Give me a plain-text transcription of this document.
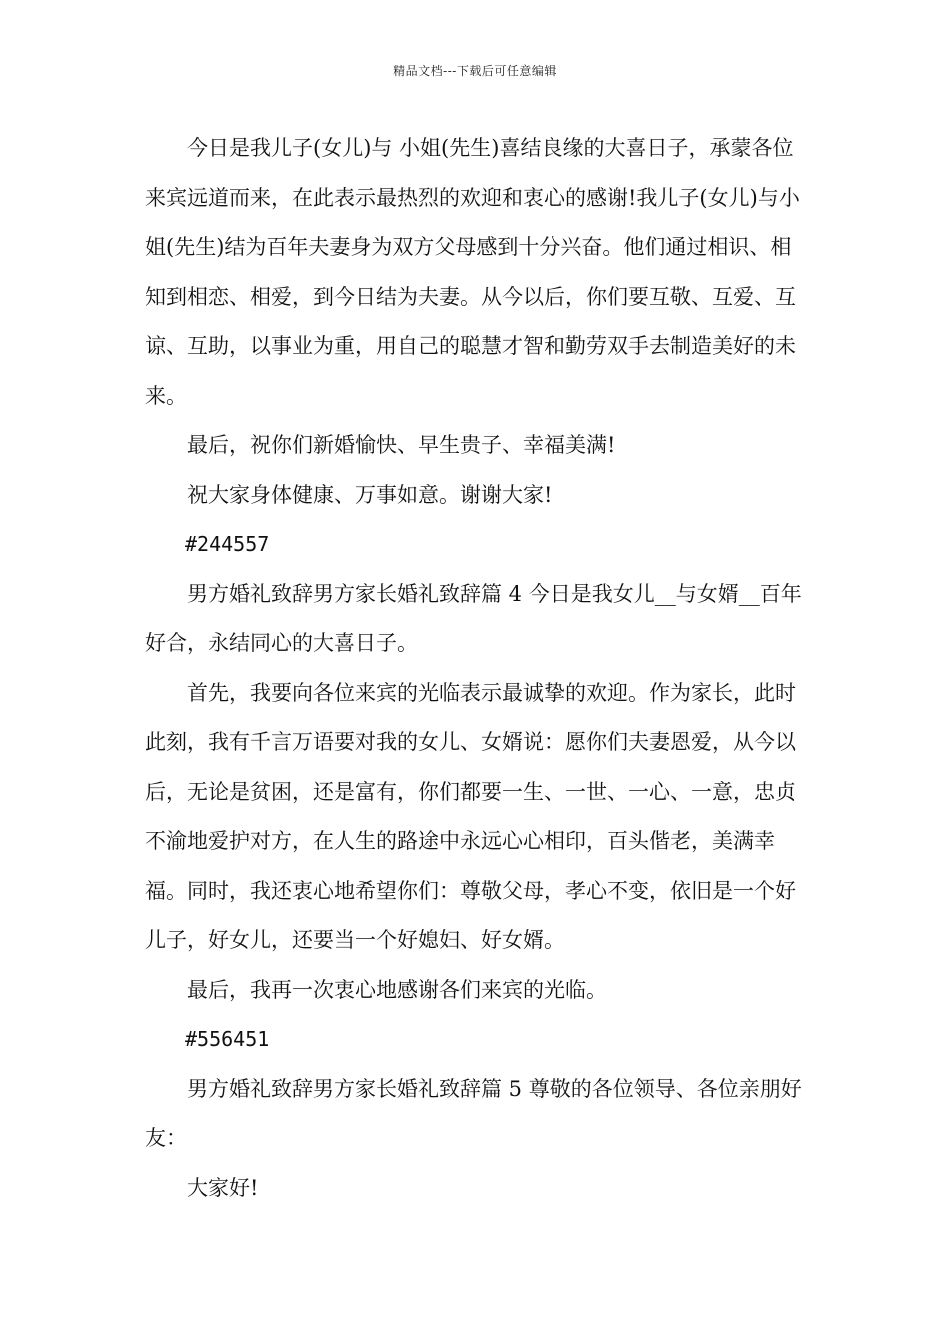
精品文档---下载后可任意编辑

今日是我儿子(女儿)与 小姐(先生)喜结良缘的大喜日子，承蒙各位来宾远道而来，在此表示最热烈的欢迎和衷心的感谢!我儿子(女儿)与小姐(先生)结为百年夫妻身为双方父母感到十分兴奋。他们通过相识、相知到相恋、相爱，到今日结为夫妻。从今以后，你们要互敬、互爱、互谅、互助，以事业为重，用自己的聪慧才智和勤劳双手去制造美好的未来。

最后，祝你们新婚愉快、早生贵子、幸福美满!

祝大家身体健康、万事如意。谢谢大家!

#244557

男方婚礼致辞男方家长婚礼致辞篇 4 今日是我女儿__与女婿__百年好合，永结同心的大喜日子。

首先，我要向各位来宾的光临表示最诚挚的欢迎。作为家长，此时此刻，我有千言万语要对我的女儿、女婿说：愿你们夫妻恩爱，从今以后，无论是贫困，还是富有，你们都要一生、一世、一心、一意，忠贞不渝地爱护对方，在人生的路途中永远心心相印，百头偕老，美满幸福。同时，我还衷心地希望你们：尊敬父母，孝心不变，依旧是一个好儿子，好女儿，还要当一个好媳妇、好女婿。

最后，我再一次衷心地感谢各们来宾的光临。

#556451

男方婚礼致辞男方家长婚礼致辞篇 5 尊敬的各位领导、各位亲朋好友：

大家好!
